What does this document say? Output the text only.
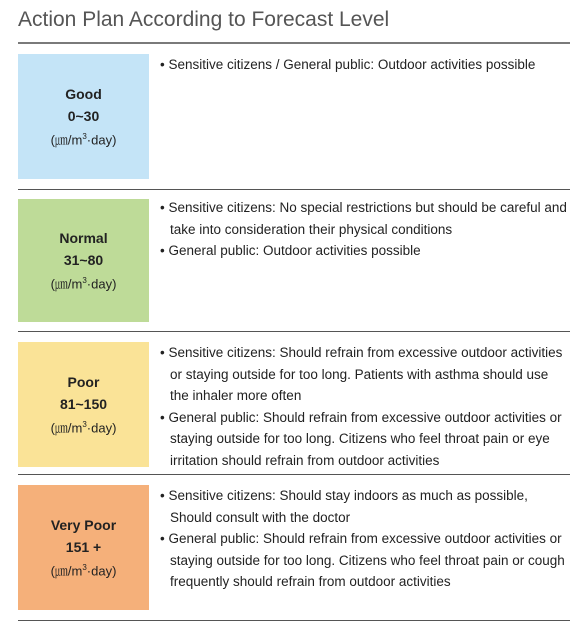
Action Plan According to Forecast Level
Good
0~30
$(㎛/m^3\cdot day)$
• Sensitive citizens / General public: Outdoor activities possible
Normal
31~80
$(㎛/m^3\cdot day)$
• Sensitive citizens: No special restrictions but should be careful and take into consideration their physical conditions
• General public: Outdoor activities possible
Poor
81~150
$(㎛/m^3\cdot day)$
• Sensitive citizens: Should refrain from excessive outdoor activities or staying outside for too long. Patients with asthma should use the inhaler more often
• General public: Should refrain from excessive outdoor activities or staying outside for too long. Citizens who feel throat pain or eye irritation should refrain from outdoor activities
Very Poor
151 +
$(㎛/m^3\cdot day)$
• Sensitive citizens: Should stay indoors as much as possible, Should consult with the doctor
• General public: Should refrain from excessive outdoor activities or staying outside for too long. Citizens who feel throat pain or cough frequently should refrain from outdoor activities
